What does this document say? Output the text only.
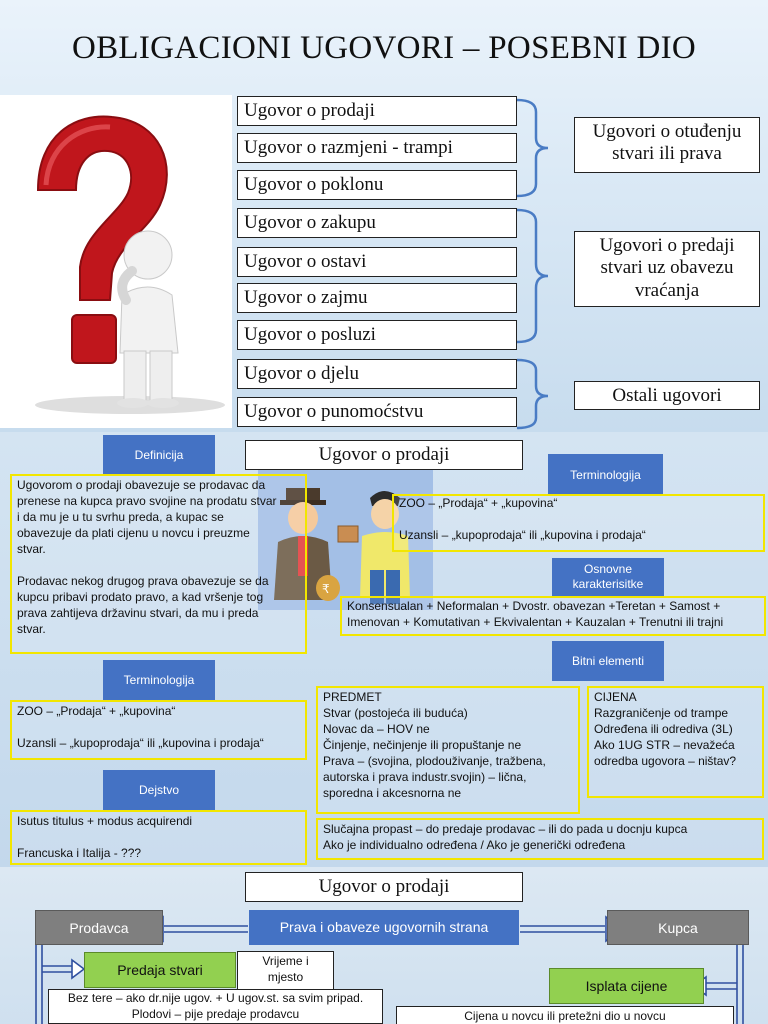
OBLIGACIONI UGOVORI – POSEBNI DIO
Ugovor o prodaji
Ugovor o razmjeni - trampi
Ugovor o poklonu
Ugovor o zakupu
Ugovor o ostavi
Ugovor o zajmu
Ugovor o posluzi
Ugovor o djelu
Ugovor o punomoćstvu
Ugovori o otuđenju
stvari ili prava
Ugovori o predaji
stvari uz obavezu
vraćanja
Ostali ugovori
₹
Ugovor o prodaji
Definicija

Ugovorom o prodaji obavezuje se prodavac da

prenese na kupca pravo svojine na prodatu stvar

i da mu je u tu svrhu preda, a kupac se

obavezuje da plati cijenu u novcu i preuzme

stvar.

Prodavac nekog drugog prava obavezuje se da

kupcu pribavi prodato pravo, a kad vršenje tog

prava zahtijeva državinu stvari, da mu i preda

stvar.

Terminologija

ZOO – „Prodaja“ + „kupovina“

Uzansli – „kupoprodaja“ ili „kupovina i prodaja“

Dejstvo

Isutus titulus + modus acquirendi

Francuska i Italija - ???

Terminologija

ZOO – „Prodaja“ + „kupovina“

Uzansli – „kupoprodaja“ ili „kupovina i prodaja“

Osnovne
karakterisitke

Konsensualan + Neformalan + Dvostr. obavezan +Teretan + Samost +

Imenovan + Komutativan + Ekvivalentan + Kauzalan + Trenutni ili trajni

Bitni elementi

PREDMET

Stvar (postojeća ili buduća)

Novac da – HOV ne

Činjenje, nečinjenje ili propuštanje ne

Prava – (svojina, plodouživanje, tražbena,

autorska i prava industr.svojin) – lična,

sporedna i akcesnorna ne

CIJENA

Razgraničenje od trampe

Određena ili odrediva (3L)

Ako 1UG STR – nevažeća

odredba ugovora – ništav?

Slučajna propast – do predaje prodavac – ili do pada u docnju kupca

Ako je individualno određena / Ako je generički određena

Ugovor o prodaji
Prodavca	Prava i obaveze ugovornih strana	Kupca
Predaja stvari
Vrijeme i
mjesto
Bez tere – ako dr.nije ugov. + U ugov.st. sa svim pripad.
Plodovi – pije predaje prodavcu
Isplata cijene
Cijena u novcu ili pretežni dio u novcu
